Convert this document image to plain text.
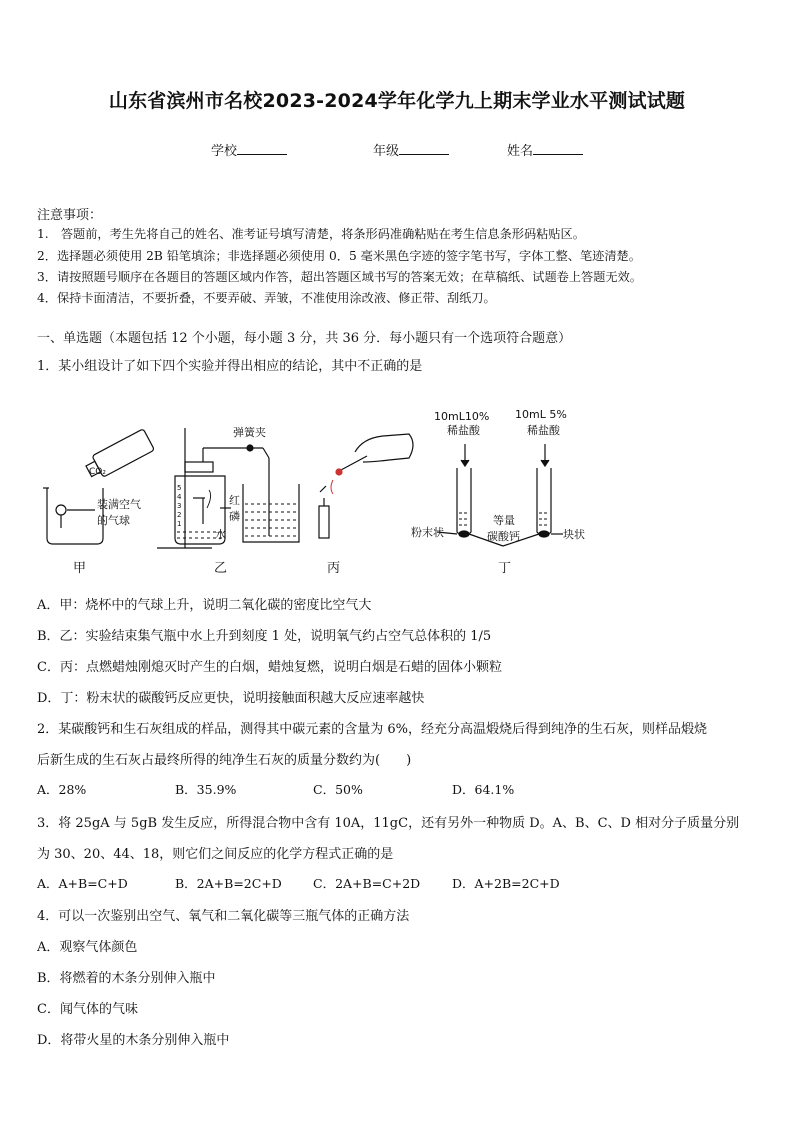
山东省滨州市名校2023-2024学年化学九上期末学业水平测试试题
学校	年级	姓名
注意事项：
1.　答题前，考生先将自己的姓名、准考证号填写清楚，将条形码准确粘贴在考生信息条形码粘贴区。
2．选择题必须使用 2B 铅笔填涂；非选择题必须使用 0．5 毫米黑色字迹的签字笔书写，字体工整、笔迹清楚。
3．请按照题号顺序在各题目的答题区域内作答，超出答题区域书写的答案无效；在草稿纸、试题卷上答题无效。
4．保持卡面清洁，不要折叠，不要弄破、弄皱，不准使用涂改液、修正带、刮纸刀。
一、单选题（本题包括 12 个小题，每小题 3 分，共 36 分．每小题只有一个选项符合题意）
1．某小组设计了如下四个实验并得出相应的结论，其中不正确的是
CO₂
装满空气
的气球
弹簧夹
红
磷
水
5
4
3
2
1
10mL10%
稀盐酸
10mL 5%
稀盐酸
粉末状
等量
碳酸钙	块状
甲	乙	丙	丁
A．甲：烧杯中的气球上升，说明二氧化碳的密度比空气大
B．乙：实验结束集气瓶中水上升到刻度 1 处，说明氧气约占空气总体积的 1/5
C．丙：点燃蜡烛刚熄灭时产生的白烟，蜡烛复燃，说明白烟是石蜡的固体小颗粒
D．丁：粉末状的碳酸钙反应更快，说明接触面积越大反应速率越快
2．某碳酸钙和生石灰组成的样品，测得其中碳元素的含量为 6%，经充分高温煅烧后得到纯净的生石灰，则样品煅烧
后新生成的生石灰占最终所得的纯净生石灰的质量分数约为(　　)
A．28%	B．35.9%	C．50%	D．64.1%
3．将 25gA 与 5gB 发生反应，所得混合物中含有 10A，11gC，还有另外一种物质 D。A、B、C、D 相对分子质量分别
为 30、20、44、18，则它们之间反应的化学方程式正确的是
A．A+B=C+D	B．2A+B=2C+D C．2A+B=C+2D	D．A+2B=2C+D
4．可以一次鉴别出空气、氧气和二氧化碳等三瓶气体的正确方法
A．观察气体颜色
B．将燃着的木条分别伸入瓶中
C．闻气体的气味
D．将带火星的木条分别伸入瓶中
